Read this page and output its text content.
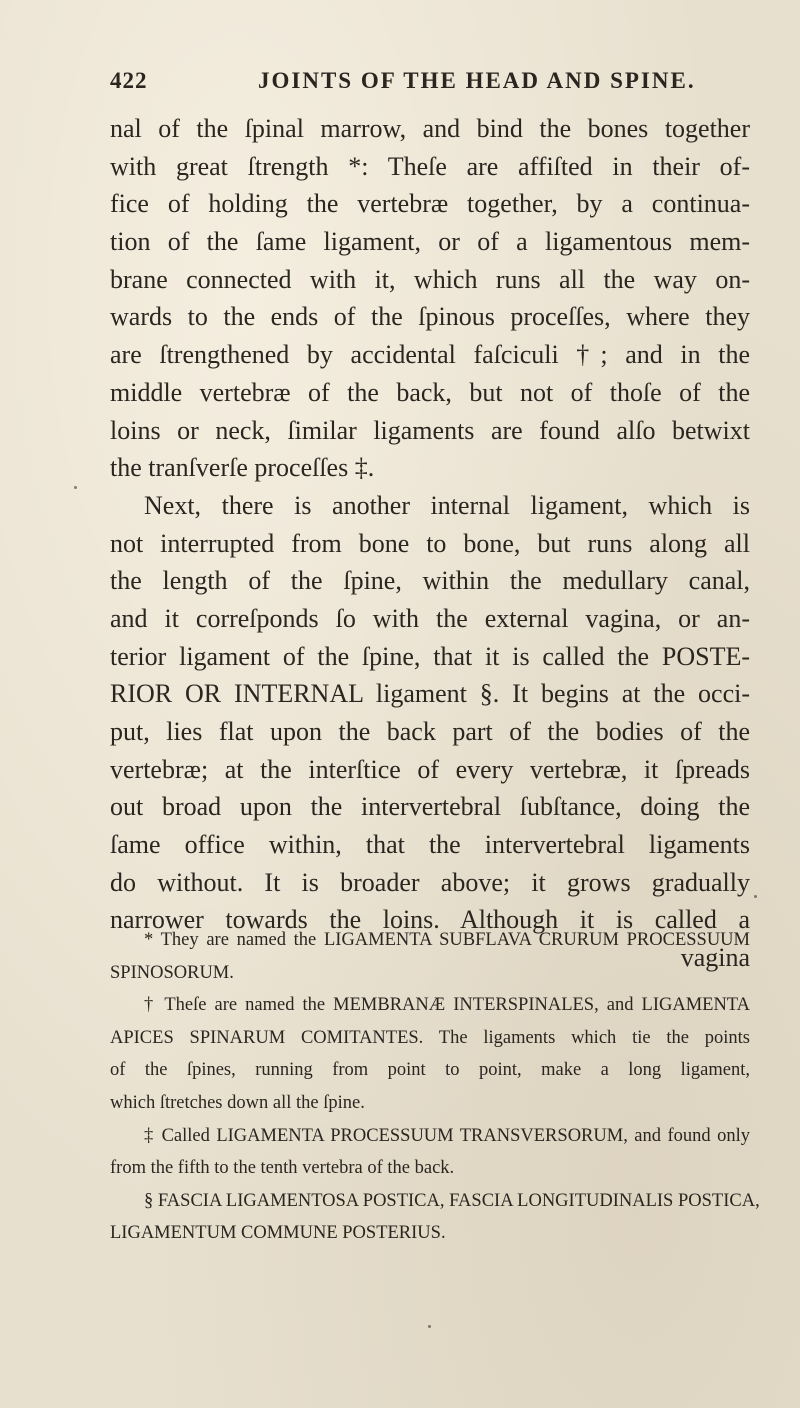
422	JOINTS OF THE HEAD AND SPINE.
nal of the ſpinal marrow, and bind the bones together
with great ſtrength *: Theſe are affiſted in their of-
fice of holding the vertebræ together, by a continua-
tion of the ſame ligament, or of a ligamentous mem-
brane connected with it, which runs all the way on-
wards to the ends of the ſpinous proceſſes, where they
are ſtrengthened by accidental faſciculi †; and in the
middle vertebræ of the back, but not of thoſe of the
loins or neck, ſimilar ligaments are found alſo betwixt
the tranſverſe proceſſes ‡.
Next, there is another internal ligament, which is
not interrupted from bone to bone, but runs along all
the length of the ſpine, within the medullary canal,
and it correſponds ſo with the external vagina, or an-
terior ligament of the ſpine, that it is called the POSTE-
RIOR OR INTERNAL ligament §. It begins at the occi-
put, lies flat upon the back part of the bodies of the
vertebræ; at the interſtice of every vertebræ, it ſpreads
out broad upon the intervertebral ſubſtance, doing the
ſame office within, that the intervertebral ligaments
do without. It is broader above; it grows gradually
narrower towards the loins. Although it is called a
vagina
* They are named the LIGAMENTA SUBFLAVA CRURUM PROCESSUUM
SPINOSORUM.
† Theſe are named the MEMBRANÆ INTERSPINALES, and LIGAMENTA
APICES SPINARUM COMITANTES. The ligaments which tie the points
of the ſpines, running from point to point, make a long ligament,
which ſtretches down all the ſpine.
‡ Called LIGAMENTA PROCESSUUM TRANSVERSORUM, and found only
from the fifth to the tenth vertebra of the back.
§ FASCIA LIGAMENTOSA POSTICA, FASCIA LONGITUDINALIS POSTICA,
LIGAMENTUM COMMUNE POSTERIUS.
